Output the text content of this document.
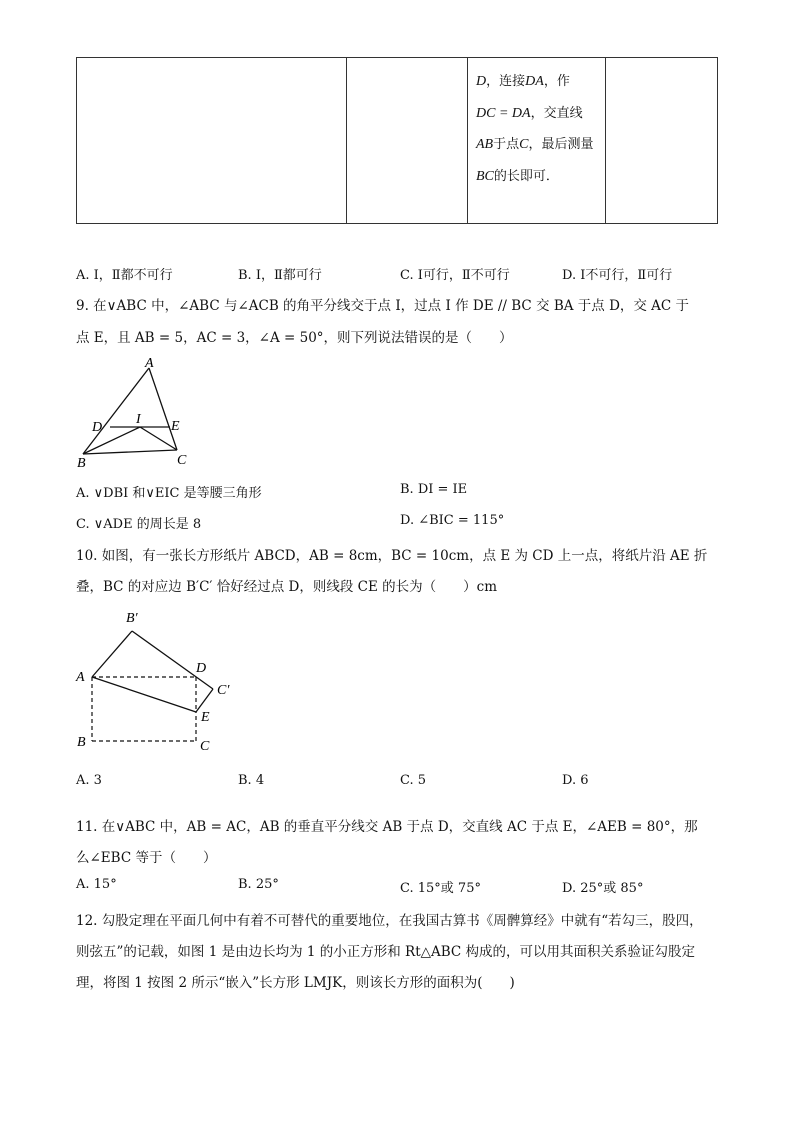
D，连接DA，作
DC = DA，交直线AB于点C，最后测量BC的长即可．

A. Ⅰ，Ⅱ都不可行	B. Ⅰ，Ⅱ都可行	C. Ⅰ可行，Ⅱ不可行	D. Ⅰ不可行，Ⅱ可行
9. 在∨ABC 中，∠ABC 与∠ACB 的角平分线交于点 I，过点 I 作 DE // BC 交 BA 于点 D，交 AC 于
点 E，且 AB = 5，AC = 3，∠A = 50°，则下列说法错误的是（　　）
A
D
I E
B	C
A. ∨DBI 和∨EIC 是等腰三角形	B. DI = IE
C. ∨ADE 的周长是 8	D. ∠BIC = 115°
10. 如图，有一张长方形纸片 ABCD，AB = 8cm，BC = 10cm，点 E 为 CD 上一点，将纸片沿 AE 折
叠，BC 的对应边 B′C′ 恰好经过点 D，则线段 CE 的长为（　　）cm
B′
D
A
C′
E
B	C
A. 3	B. 4	C. 5	D. 6
11. 在∨ABC 中，AB = AC，AB 的垂直平分线交 AB 于点 D，交直线 AC 于点 E，∠AEB = 80°，那
么∠EBC 等于（　　）
A. 15°	B. 25°	C. 15°或 75°	D. 25°或 85°
12. 勾股定理在平面几何中有着不可替代的重要地位，在我国古算书《周髀算经》中就有“若勾三，股四，
则弦五”的记载，如图 1 是由边长均为 1 的小正方形和 Rt△ABC 构成的，可以用其面积关系验证勾股定
理，将图 1 按图 2 所示“嵌入”长方形 LMJK，则该长方形的面积为(　　)
